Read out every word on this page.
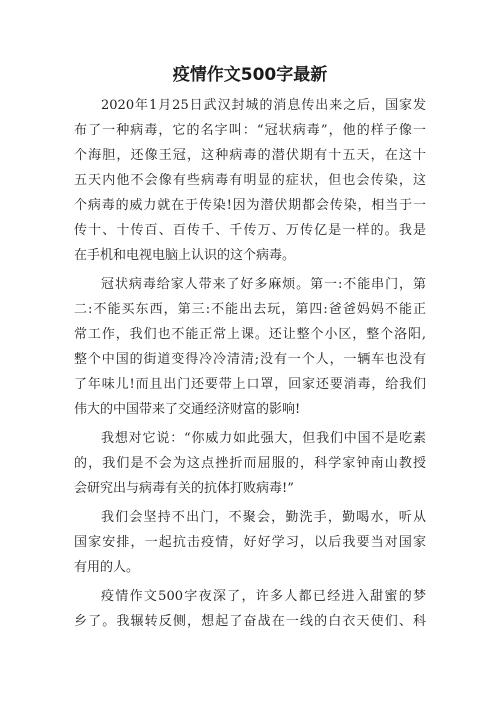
疫情作文500字最新
2020年1月25日武汉封城的消息传出来之后，国家发
布了一种病毒，它的名字叫：“冠状病毒”，他的样子像一
个海胆，还像王冠，这种病毒的潜伏期有十五天，在这十
五天内他不会像有些病毒有明显的症状，但也会传染，这
个病毒的威力就在于传染!因为潜伏期都会传染，相当于一
传十、十传百、百传千、千传万、万传亿是一样的。我是
在手机和电视电脑上认识的这个病毒。
冠状病毒给家人带来了好多麻烦。第一:不能串门，第
二:不能买东西，第三:不能出去玩，第四:爸爸妈妈不能正
常工作，我们也不能正常上课。还让整个小区，整个洛阳,
整个中国的街道变得冷冷清清;没有一个人，一辆车也没有
了年味儿!而且出门还要带上口罩，回家还要消毒，给我们
伟大的中国带来了交通经济财富的影响!
我想对它说：“你威力如此强大，但我们中国不是吃素
的，我们是不会为这点挫折而屈服的，科学家钟南山教授
会研究出与病毒有关的抗体打败病毒!”
我们会坚持不出门，不聚会，勤洗手，勤喝水，听从
国家安排，一起抗击疫情，好好学习，以后我要当对国家
有用的人。
疫情作文500字夜深了，许多人都已经进入甜蜜的梦
乡了。我辗转反侧，想起了奋战在一线的白衣天使们、科
